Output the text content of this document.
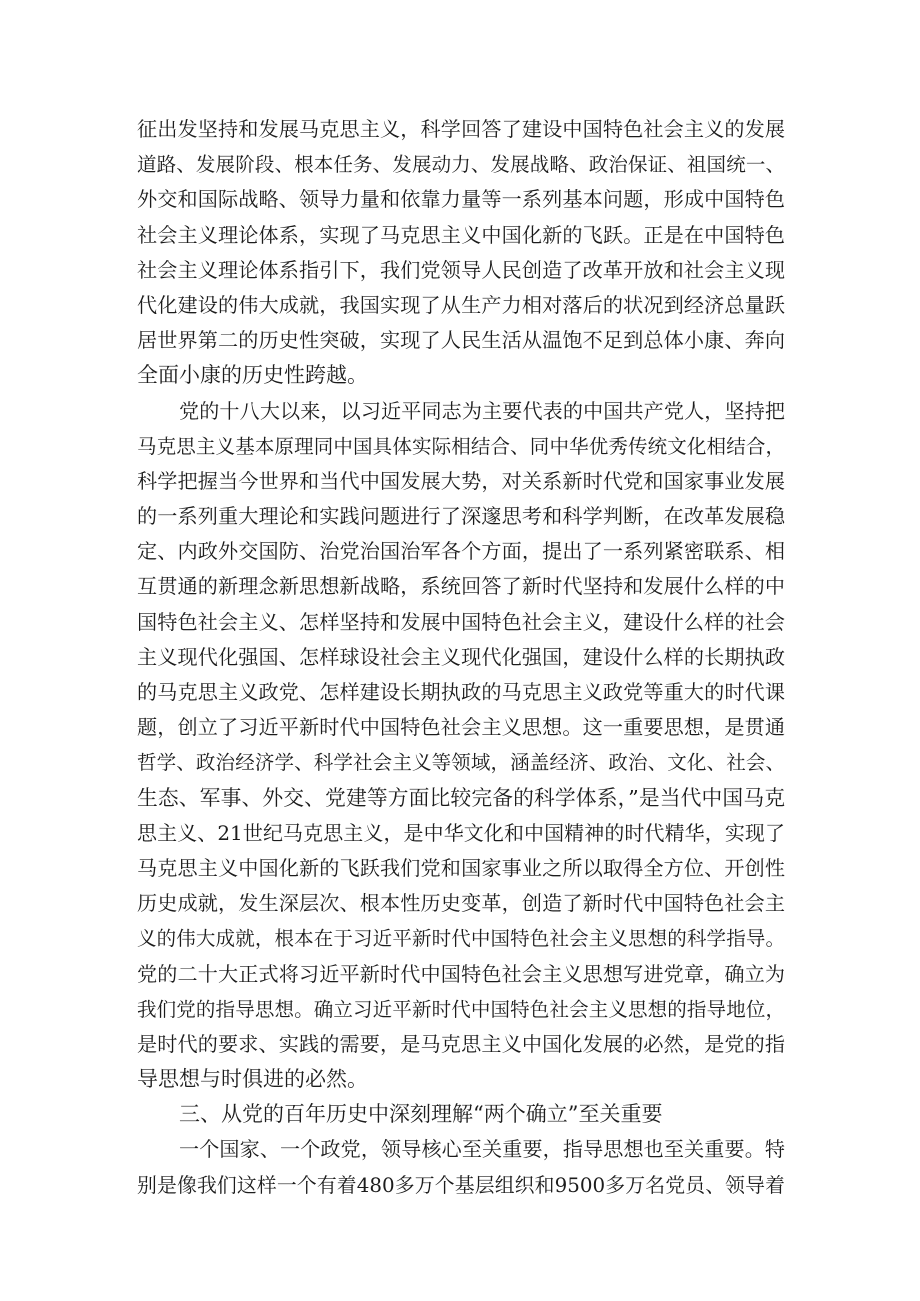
征出发坚持和发展马克思主义，科学回答了建设中国特色社会主义的发展
道路、发展阶段、根本任务、发展动力、发展战略、政治保证、祖国统一、
外交和国际战略、领导力量和依靠力量等一系列基本问题，形成中国特色
社会主义理论体系，实现了马克思主义中国化新的飞跃。正是在中国特色
社会主义理论体系指引下，我们党领导人民创造了改革开放和社会主义现
代化建设的伟大成就，我国实现了从生产力相对落后的状况到经济总量跃
居世界第二的历史性突破，实现了人民生活从温饱不足到总体小康、奔向
全面小康的历史性跨越。
党的十八大以来，以习近平同志为主要代表的中国共产党人，坚持把
马克思主义基本原理同中国具体实际相结合、同中华优秀传统文化相结合，
科学把握当今世界和当代中国发展大势，对关系新时代党和国家事业发展
的一系列重大理论和实践问题进行了深邃思考和科学判断，在改革发展稳
定、内政外交国防、治党治国治军各个方面，提出了一系列紧密联系、相
互贯通的新理念新思想新战略，系统回答了新时代坚持和发展什么样的中
国特色社会主义、怎样坚持和发展中国特色社会主义，建设什么样的社会
主义现代化强国、怎样球设社会主义现代化强国，建设什么样的长期执政
的马克思主义政党、怎样建设长期执政的马克思主义政党等重大的时代课
题，创立了习近平新时代中国特色社会主义思想。这一重要思想，是贯通
哲学、政治经济学、科学社会主义等领域，涵盖经济、政治、文化、社会、
生态、军事、外交、党建等方面比较完备的科学体系，”是当代中国马克
思主义、21世纪马克思主义，是中华文化和中国精神的时代精华，实现了
马克思主义中国化新的飞跃我们党和国家事业之所以取得全方位、开创性
历史成就，发生深层次、根本性历史变革，创造了新时代中国特色社会主
义的伟大成就，根本在于习近平新时代中国特色社会主义思想的科学指导。
党的二十大正式将习近平新时代中国特色社会主义思想写进党章，确立为
我们党的指导思想。确立习近平新时代中国特色社会主义思想的指导地位，
是时代的要求、实践的需要，是马克思主义中国化发展的必然，是党的指
导思想与时俱进的必然。
三、从党的百年历史中深刻理解“两个确立”至关重要
一个国家、一个政党，领导核心至关重要，指导思想也至关重要。特
别是像我们这样一个有着480多万个基层组织和9500多万名党员、领导着
